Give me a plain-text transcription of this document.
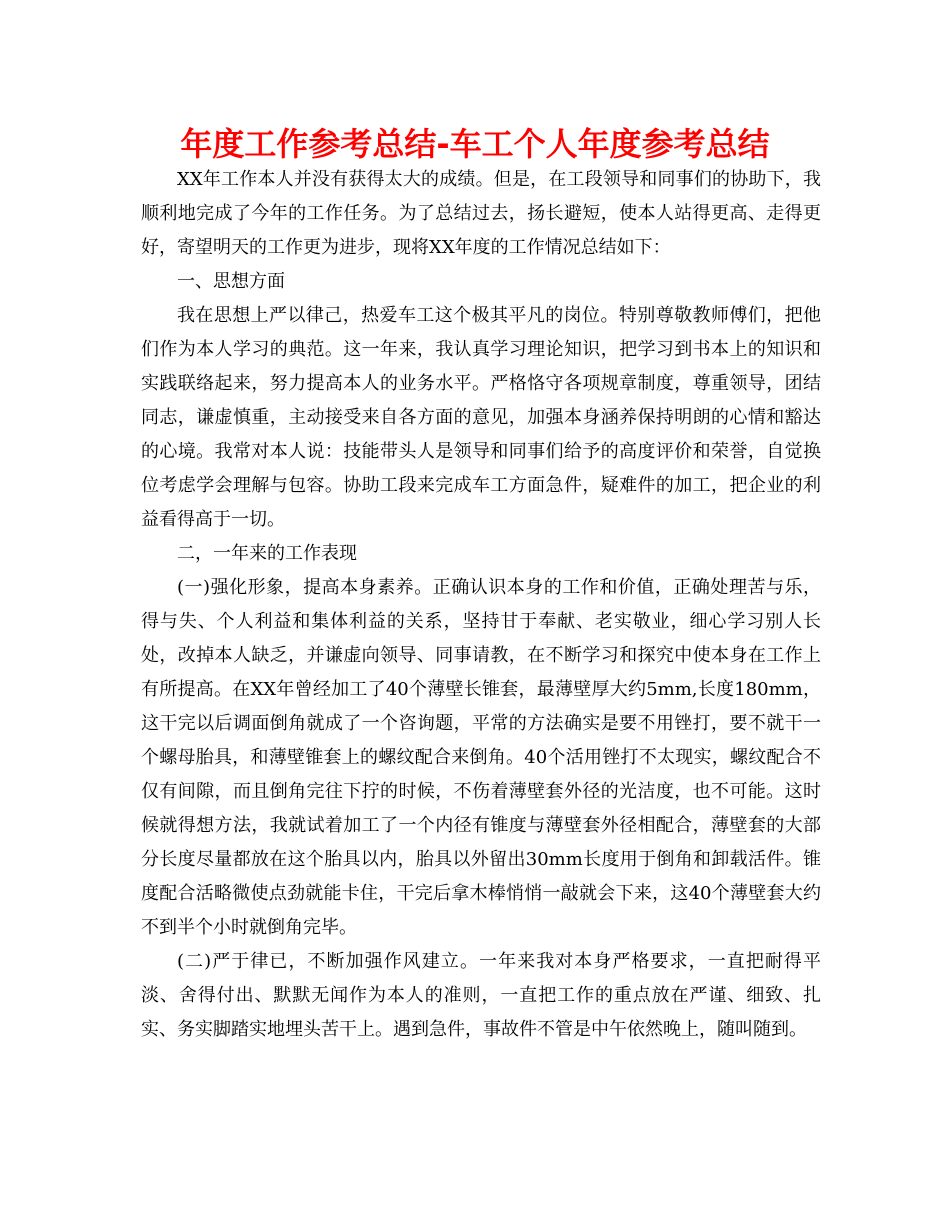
年度工作参考总结-车工个人年度参考总结

XX年工作本人并没有获得太大的成绩。但是，在工段领导和同事们的协助下，我顺利地完成了今年的工作任务。为了总结过去，扬长避短，使本人站得更高、走得更好，寄望明天的工作更为进步，现将XX年度的工作情况总结如下：

一、思想方面

我在思想上严以律己，热爱车工这个极其平凡的岗位。特别尊敬教师傅们，把他们作为本人学习的典范。这一年来，我认真学习理论知识，把学习到书本上的知识和实践联络起来，努力提高本人的业务水平。严格恪守各项规章制度，尊重领导，团结同志，谦虚慎重，主动接受来自各方面的意见，加强本身涵养保持明朗的心情和豁达的心境。我常对本人说：技能带头人是领导和同事们给予的高度评价和荣誉，自觉换位考虑学会理解与包容。协助工段来完成车工方面急件，疑难件的加工，把企业的利益看得高于一切。

二，一年来的工作表现

(一)强化形象，提高本身素养。正确认识本身的工作和价值，正确处理苦与乐，得与失、个人利益和集体利益的关系，坚持甘于奉献、老实敬业，细心学习别人长处，改掉本人缺乏，并谦虚向领导、同事请教，在不断学习和探究中使本身在工作上有所提高。在XX年曾经加工了40个薄壁长锥套，最薄壁厚大约5mm,长度180mm，这干完以后调面倒角就成了一个咨询题，平常的方法确实是要不用锉打，要不就干一个螺母胎具，和薄壁锥套上的螺纹配合来倒角。40个活用锉打不太现实，螺纹配合不仅有间隙，而且倒角完往下拧的时候，不伤着薄壁套外径的光洁度，也不可能。这时候就得想方法，我就试着加工了一个内径有锥度与薄壁套外径相配合，薄壁套的大部分长度尽量都放在这个胎具以内，胎具以外留出30mm长度用于倒角和卸载活件。锥度配合活略微使点劲就能卡住，干完后拿木棒悄悄一敲就会下来，这40个薄壁套大约不到半个小时就倒角完毕。

(二)严于律已，不断加强作风建立。一年来我对本身严格要求，一直把耐得平淡、舍得付出、默默无闻作为本人的准则，一直把工作的重点放在严谨、细致、扎实、务实脚踏实地埋头苦干上。遇到急件，事故件不管是中午依然晚上，随叫随到。
